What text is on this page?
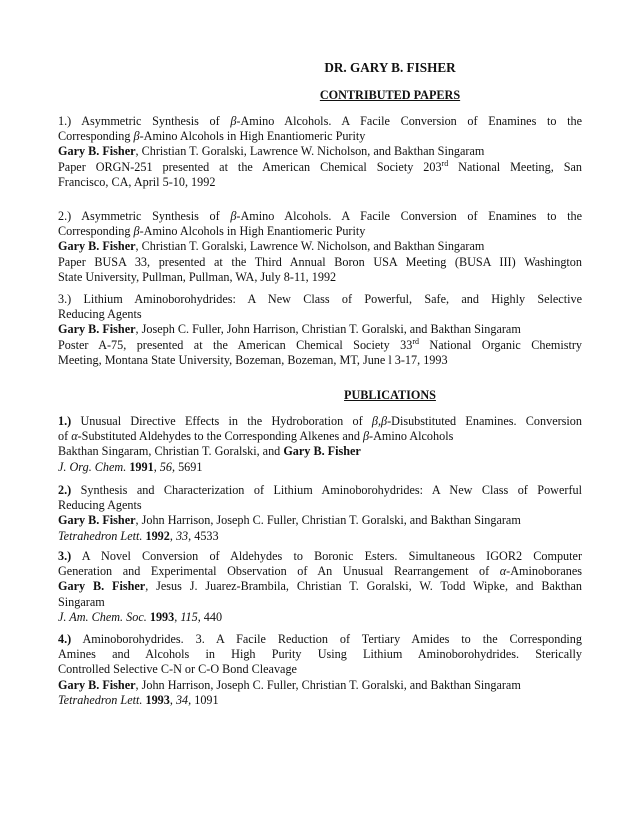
DR. GARY B. FISHER
CONTRIBUTED PAPERS
1.) Asymmetric Synthesis of β-Amino Alcohols. A Facile Conversion of Enamines to the
Corresponding β-Amino Alcohols in High Enantiomeric Purity
Gary B. Fisher, Christian T. Goralski, Lawrence W. Nicholson, and Bakthan Singaram
Paper ORGN-251 presented at the American Chemical Society 203rd National Meeting, San
Francisco, CA, April 5-10, 1992
2.) Asymmetric Synthesis of β-Amino Alcohols. A Facile Conversion of Enamines to the
Corresponding β-Amino Alcohols in High Enantiomeric Purity
Gary B. Fisher, Christian T. Goralski, Lawrence W. Nicholson, and Bakthan Singaram
Paper BUSA 33, presented at the Third Annual Boron USA Meeting (BUSA III) Washington
State University, Pullman, Pullman, WA, July 8-11, 1992
3.) Lithium Aminoborohydrides: A New Class of Powerful, Safe, and Highly Selective
Reducing Agents
Gary B. Fisher, Joseph C. Fuller, John Harrison, Christian T. Goralski, and Bakthan Singaram
Poster A-75, presented at the American Chemical Society 33rd National Organic Chemistry
Meeting, Montana State University, Bozeman, Bozeman, MT, June l 3-17, 1993
PUBLICATIONS
1.) Unusual Directive Effects in the Hydroboration of β,β-Disubstituted Enamines. Conversion
of α-Substituted Aldehydes to the Corresponding Alkenes and β-Amino Alcohols
Bakthan Singaram, Christian T. Goralski, and Gary B. Fisher
J. Org. Chem. 1991, 56, 5691
2.) Synthesis and Characterization of Lithium Aminoborohydrides: A New Class of Powerful
Reducing Agents
Gary B. Fisher, John Harrison, Joseph C. Fuller, Christian T. Goralski, and Bakthan Singaram
Tetrahedron Lett. 1992, 33, 4533
3.) A Novel Conversion of Aldehydes to Boronic Esters. Simultaneous IGOR2 Computer
Generation and Experimental Observation of An Unusual Rearrangement of α-Aminoboranes
Gary B. Fisher, Jesus J. Juarez-Brambila, Christian T. Goralski, W. Todd Wipke, and Bakthan
Singaram
J. Am. Chem. Soc. 1993, 115, 440
4.) Aminoborohydrides. 3. A Facile Reduction of Tertiary Amides to the Corresponding
Amines and Alcohols in High Purity Using Lithium Aminoborohydrides. Sterically
Controlled Selective C-N or C-O Bond Cleavage
Gary B. Fisher, John Harrison, Joseph C. Fuller, Christian T. Goralski, and Bakthan Singaram
Tetrahedron Lett. 1993, 34, 1091
